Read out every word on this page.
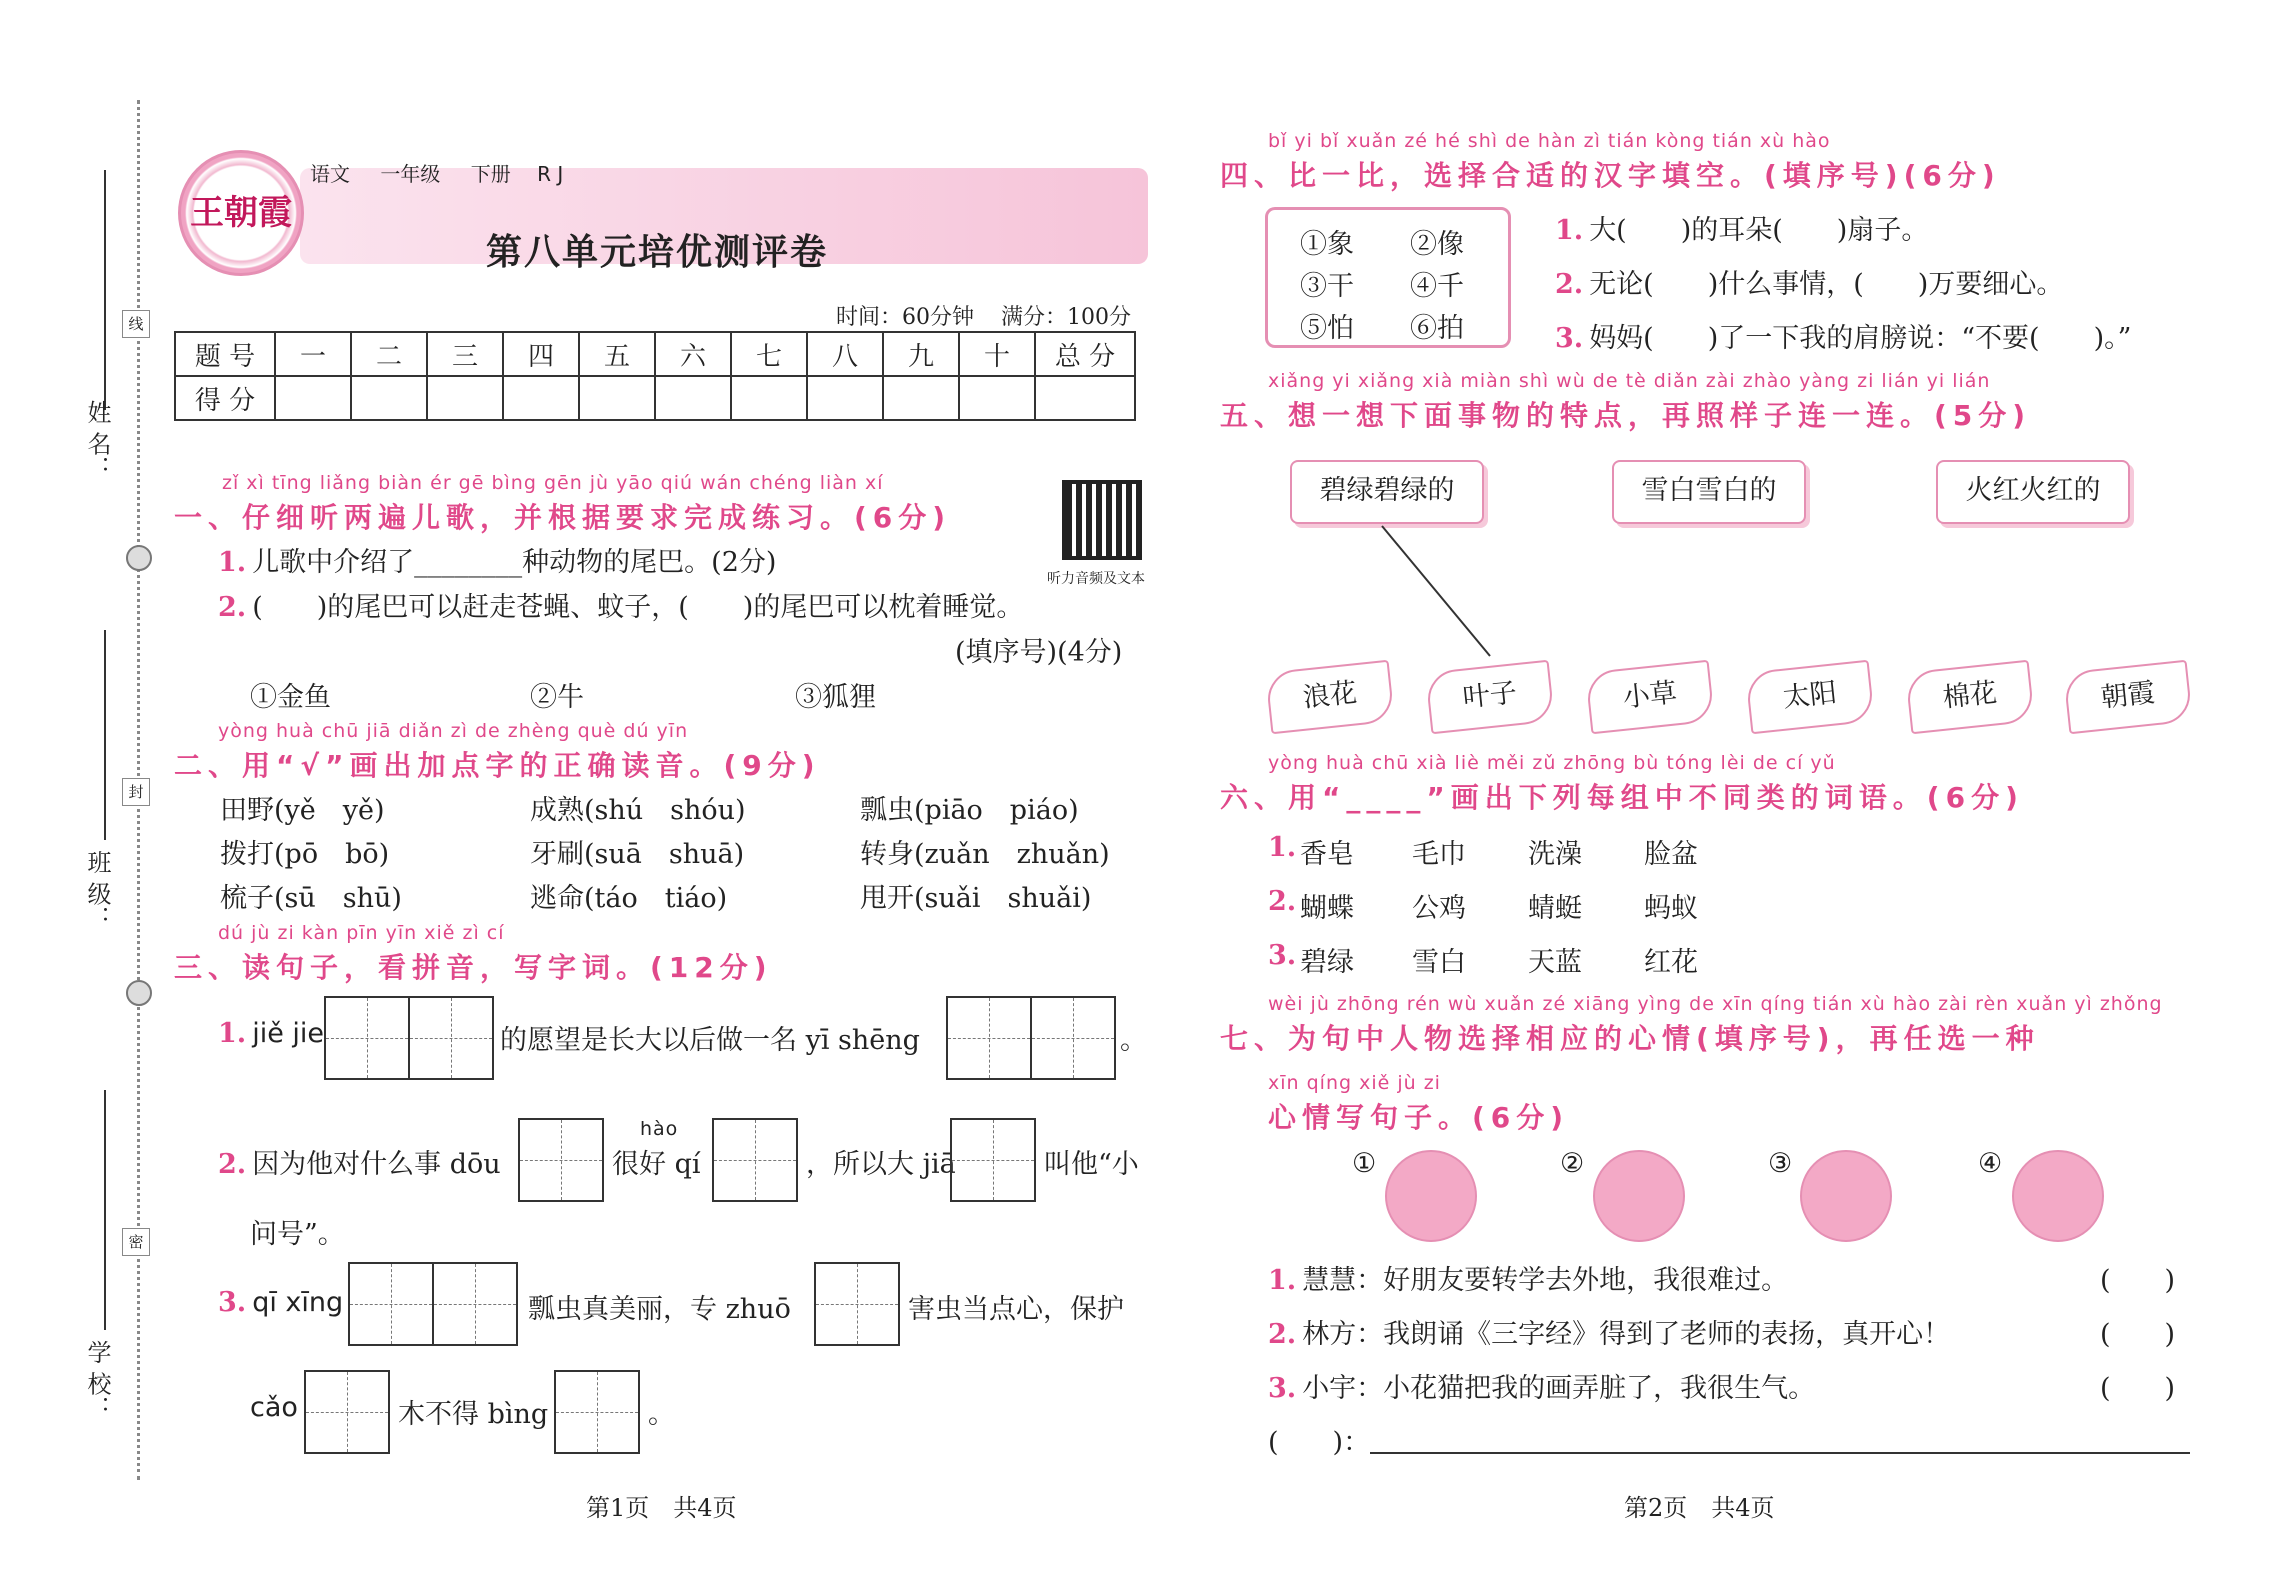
姓 名：
班 级：
学 校：
线
封
密
王朝霞
语文 一年级 下册 R J
第八单元培优测评卷
时间：60分钟 满分：100分
题 号	一	二	三	四	五	六	七	八	九	十	总 分
得 分											
听力音频及文本
zǐ xì tīng liǎng biàn ér gē bìng gēn jù yāo qiú wán chéng liàn xí
一、仔细听两遍儿歌，并根据要求完成练习。(6分)
1. 儿歌中介绍了________种动物的尾巴。(2分)
2. (　　)的尾巴可以赶走苍蝇、蚊子，(　　)的尾巴可以枕着睡觉。
(填序号)(4分)
①金鱼	②牛	③狐狸
yòng huà chū jiā diǎn zì de zhèng què dú yīn
二、用“√”画出加点字的正确读音。(9分)
田野(yě　yě)	成熟(shú　shóu)	瓢虫(piāo　piáo)
拨打(pō　bō)	牙刷(suā　shuā)	转身(zuǎn　zhuǎn)
梳子(sū　shū)	逃命(táo　tiáo)	甩开(suǎi　shuǎi)
dú jù zi kàn pīn yīn xiě zì cí
三、读句子，看拼音，写字词。(12分)
1. jiě jie	的愿望是长大以后做一名 yī shēng	。
2. 因为他对什么事 dōu	很好 qí
hào
，所以大 jiā	叫他“小
问号”。
3. qī xīng	瓢虫真美丽，专 zhuō	害虫当点心，保护
cǎo	木不得 bìng	。
第1页　共4页
bǐ yi bǐ xuǎn zé hé shì de hàn zì tián kòng tián xù hào
四、比一比，选择合适的汉字填空。(填序号)(6分)
①象 ②像
③干 ④千
⑤怕 ⑥拍
1. 大(　　)的耳朵(　　)扇子。
2. 无论(　　)什么事情，(　　)万要细心。
3. 妈妈(　　)了一下我的肩膀说：“不要(　　)。”
xiǎng yi xiǎng xià miàn shì wù de tè diǎn zài zhào yàng zi lián yi lián
五、想一想下面事物的特点，再照样子连一连。(5分)
碧绿碧绿的	雪白雪白的	火红火红的
浪花	叶子	小草	太阳	棉花	朝霞
yòng huà chū xià liè měi zǔ zhōng bù tóng lèi de cí yǔ
六、用“____”画出下列每组中不同类的词语。(6分)
1. 香皂 毛巾 洗澡 脸盆
2. 蝴蝶 公鸡 蜻蜓 蚂蚁
3. 碧绿 雪白 天蓝 红花
wèi jù zhōng rén wù xuǎn zé xiāng yìng de xīn qíng tián xù hào zài rèn xuǎn yì zhǒng
七、为句中人物选择相应的心情(填序号)，再任选一种
xīn qíng xiě jù zi
心情写句子。(6分)
①	②	③	④
1. 慧慧：好朋友要转学去外地，我很难过。	(　　)
2. 林方：我朗诵《三字经》得到了老师的表扬，真开心！	(　　)
3. 小宇：小花猫把我的画弄脏了，我很生气。	(　　)
(　　)：
第2页　共4页
